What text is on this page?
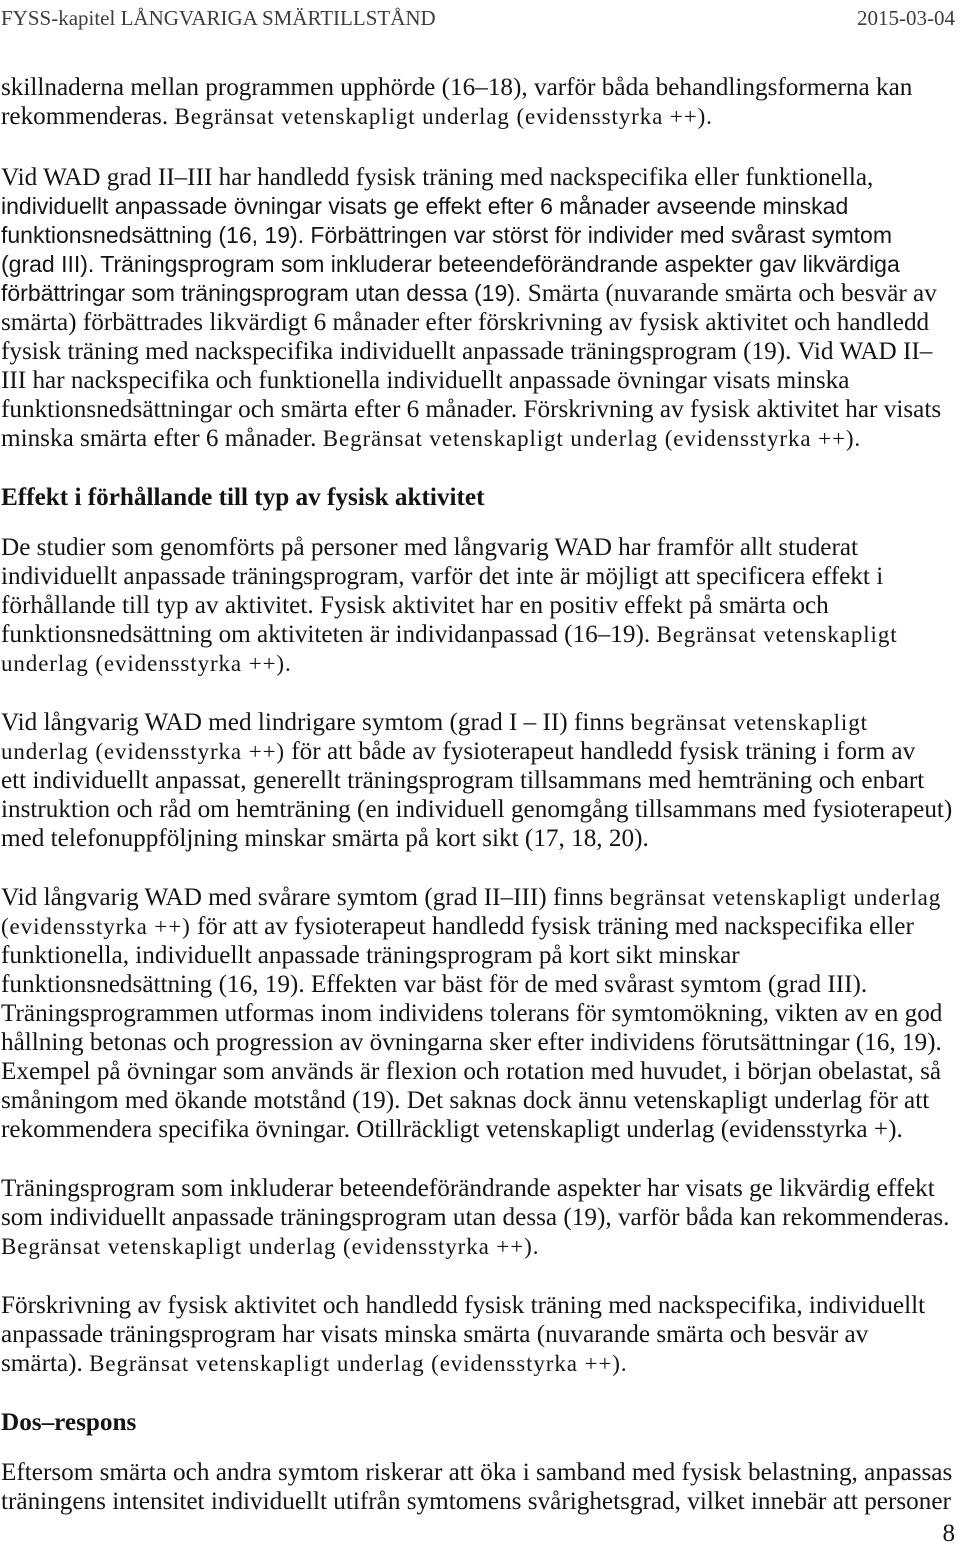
FYSS-kapitel LÅNGVARIGA SMÄRTILLSTÅND	2015-03-04
skillnaderna mellan programmen upphörde (16–18), varför båda behandlingsformerna kan
rekommenderas. Begränsat vetenskapligt underlag (evidensstyrka ++).
Vid WAD grad II–III har handledd fysisk träning med nackspecifika eller funktionella,
individuellt anpassade övningar visats ge effekt efter 6 månader avseende minskad
funktionsnedsättning (16, 19). Förbättringen var störst för individer med svårast symtom
(grad III). Träningsprogram som inkluderar beteendeförändrande aspekter gav likvärdiga
förbättringar som träningsprogram utan dessa (19). Smärta (nuvarande smärta och besvär av
smärta) förbättrades likvärdigt 6 månader efter förskrivning av fysisk aktivitet och handledd
fysisk träning med nackspecifika individuellt anpassade träningsprogram (19). Vid WAD II–
III har nackspecifika och funktionella individuellt anpassade övningar visats minska
funktionsnedsättningar och smärta efter 6 månader. Förskrivning av fysisk aktivitet har visats
minska smärta efter 6 månader. Begränsat vetenskapligt underlag (evidensstyrka ++).
Effekt i förhållande till typ av fysisk aktivitet
De studier som genomförts på personer med långvarig WAD har framför allt studerat
individuellt anpassade träningsprogram, varför det inte är möjligt att specificera effekt i
förhållande till typ av aktivitet. Fysisk aktivitet har en positiv effekt på smärta och
funktionsnedsättning om aktiviteten är individanpassad (16–19). Begränsat vetenskapligt
underlag (evidensstyrka ++).
Vid långvarig WAD med lindrigare symtom (grad I – II) finns begränsat vetenskapligt
underlag (evidensstyrka ++) för att både av fysioterapeut handledd fysisk träning i form av
ett individuellt anpassat, generellt träningsprogram tillsammans med hemträning och enbart
instruktion och råd om hemträning (en individuell genomgång tillsammans med fysioterapeut)
med telefonuppföljning minskar smärta på kort sikt (17, 18, 20).
Vid långvarig WAD med svårare symtom (grad II–III) finns begränsat vetenskapligt underlag
(evidensstyrka ++) för att av fysioterapeut handledd fysisk träning med nackspecifika eller
funktionella, individuellt anpassade träningsprogram på kort sikt minskar
funktionsnedsättning (16, 19). Effekten var bäst för de med svårast symtom (grad III).
Träningsprogrammen utformas inom individens tolerans för symtomökning, vikten av en god
hållning betonas och progression av övningarna sker efter individens förutsättningar (16, 19).
Exempel på övningar som används är flexion och rotation med huvudet, i början obelastat, så
småningom med ökande motstånd (19). Det saknas dock ännu vetenskapligt underlag för att
rekommendera specifika övningar. Otillräckligt vetenskapligt underlag (evidensstyrka +).
Träningsprogram som inkluderar beteendeförändrande aspekter har visats ge likvärdig effekt
som individuellt anpassade träningsprogram utan dessa (19), varför båda kan rekommenderas.
Begränsat vetenskapligt underlag (evidensstyrka ++).
Förskrivning av fysisk aktivitet och handledd fysisk träning med nackspecifika, individuellt
anpassade träningsprogram har visats minska smärta (nuvarande smärta och besvär av
smärta). Begränsat vetenskapligt underlag (evidensstyrka ++).
Dos–respons
Eftersom smärta och andra symtom riskerar att öka i samband med fysisk belastning, anpassas
träningens intensitet individuellt utifrån symtomens svårighetsgrad, vilket innebär att personer
8
